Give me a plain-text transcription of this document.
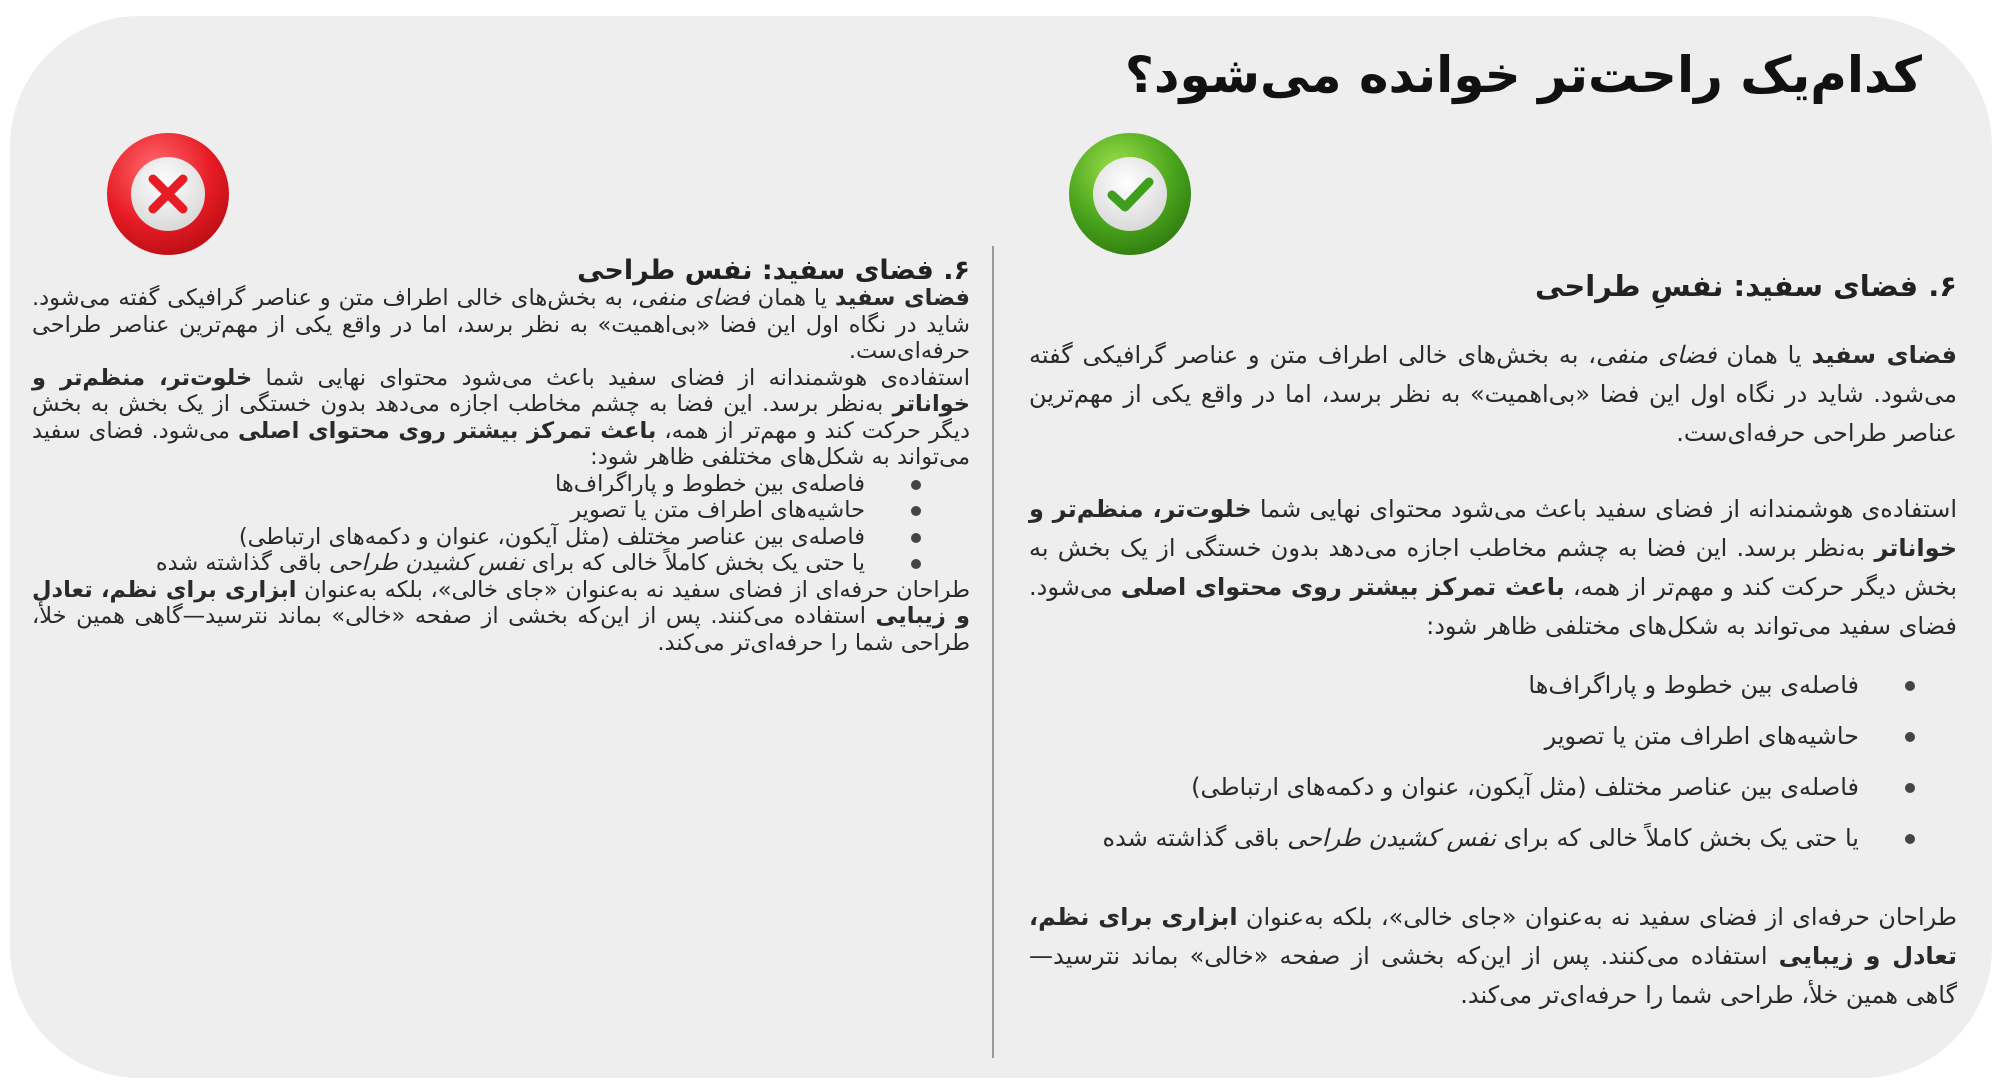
کدام‌یک راحت‌تر خوانده می‌شود؟
۶. فضای سفید: نفسِ طراحی

فضای سفید یا همان فضای منفی، به بخش‌های خالی اطراف متن و عناصر گرافیکی گفته می‌شود. شاید در نگاه اول این فضا «بی‌اهمیت» به نظر برسد، اما در واقع یکی از مهم‌ترین عناصر طراحی حرفه‌ای‌ست.

استفاده‌ی هوشمندانه از فضای سفید باعث می‌شود محتوای نهایی شما خلوت‌تر، منظم‌تر و خواناتر به‌نظر برسد. این فضا به چشم مخاطب اجازه می‌دهد بدون خستگی از یک بخش به بخش دیگر حرکت کند و مهم‌تر از همه، باعث تمرکز بیشتر روی محتوای اصلی می‌شود. فضای سفید می‌تواند به شکل‌های مختلفی ظاهر شود:

فاصله‌ی بین خطوط و پاراگراف‌ها
حاشیه‌های اطراف متن یا تصویر
فاصله‌ی بین عناصر مختلف (مثل آیکون، عنوان و دکمه‌های ارتباطی)
یا حتی یک بخش کاملاً خالی که برای نفس کشیدن طراحی باقی گذاشته شده

طراحان حرفه‌ای از فضای سفید نه به‌عنوان «جای خالی»، بلکه به‌عنوان ابزاری برای نظم، تعادل و زیبایی استفاده می‌کنند. پس از این‌که بخشی از صفحه «خالی» بماند نترسید—گاهی همین خلأ، طراحی شما را حرفه‌ای‌تر می‌کند.

۶. فضای سفید: نفس طراحی

فضای سفید یا همان فضای منفی، به بخش‌های خالی اطراف متن و عناصر گرافیکی گفته می‌شود. شاید در نگاه اول این فضا «بی‌اهمیت» به نظر برسد، اما در واقع یکی از مهم‌ترین عناصر طراحی حرفه‌ای‌ست.

استفاده‌ی هوشمندانه از فضای سفید باعث می‌شود محتوای نهایی شما خلوت‌تر، منظم‌تر و خواناتر به‌نظر برسد. این فضا به چشم مخاطب اجازه می‌دهد بدون خستگی از یک بخش به بخش دیگر حرکت کند و مهم‌تر از همه، باعث تمرکز بیشتر روی محتوای اصلی می‌شود. فضای سفید می‌تواند به شکل‌های مختلفی ظاهر شود:

فاصله‌ی بین خطوط و پاراگراف‌ها
حاشیه‌های اطراف متن یا تصویر
فاصله‌ی بین عناصر مختلف (مثل آیکون، عنوان و دکمه‌های ارتباطی)
یا حتی یک بخش کاملاً خالی که برای نفس کشیدن طراحی باقی گذاشته شده

طراحان حرفه‌ای از فضای سفید نه به‌عنوان «جای خالی»، بلکه به‌عنوان ابزاری برای نظم، تعادل و زیبایی استفاده می‌کنند. پس از این‌که بخشی از صفحه «خالی» بماند نترسید—گاهی همین خلأ، طراحی شما را حرفه‌ای‌تر می‌کند.
